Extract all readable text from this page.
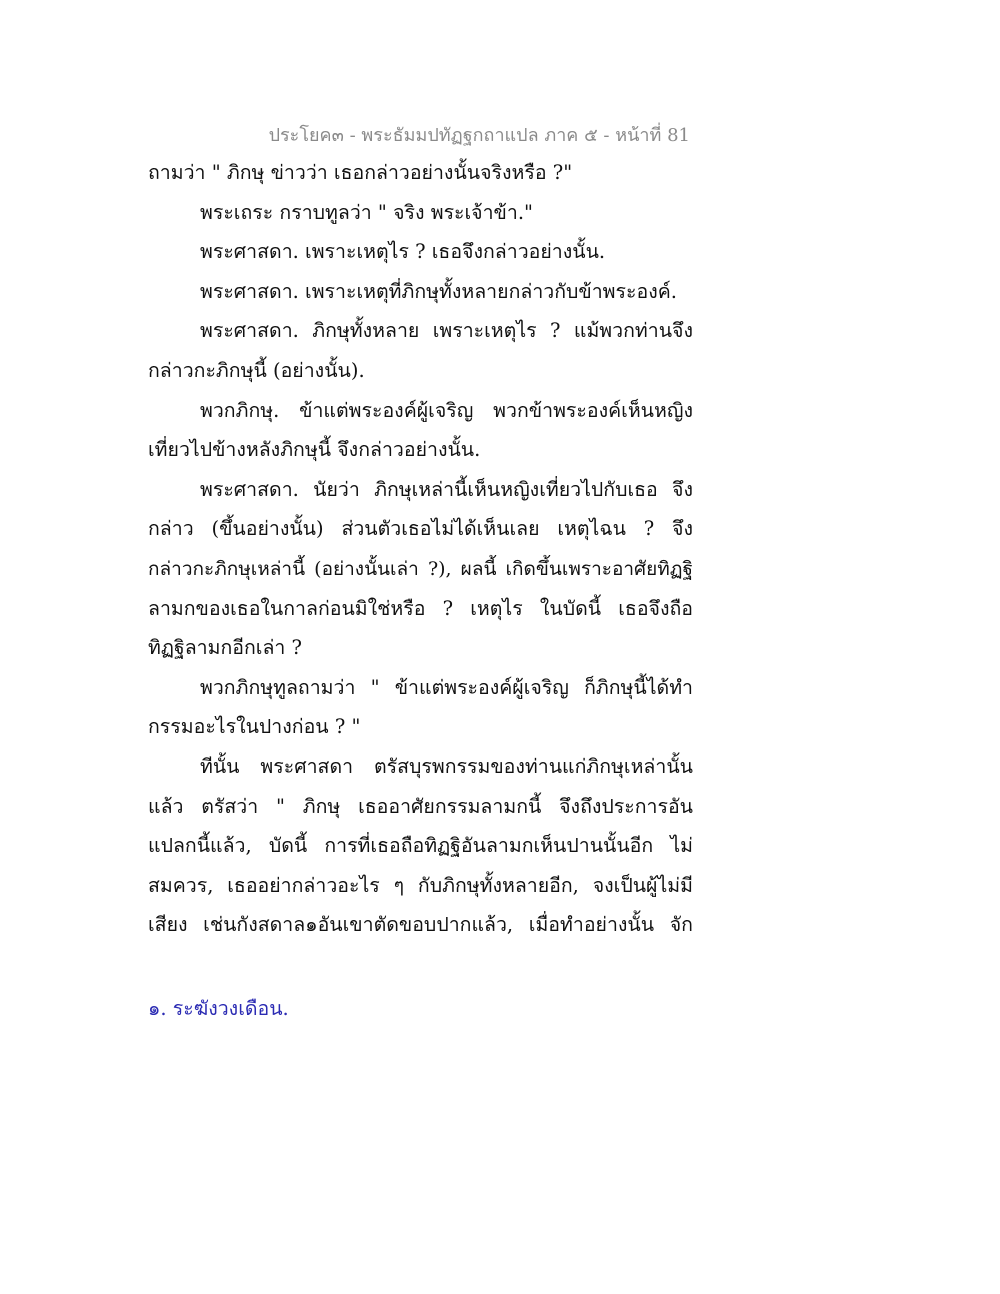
ประโยค๓ - พระธัมมปทัฏฐกถาแปล ภาค ๕ - หน้าที่ 81
ถามว่า " ภิกษุ ข่าวว่า เธอกล่าวอย่างนั้นจริงหรือ ?"
พระเถระ กราบทูลว่า " จริง พระเจ้าข้า."
พระศาสดา. เพราะเหตุไร ? เธอจึงกล่าวอย่างนั้น.
พระศาสดา. เพราะเหตุที่ภิกษุทั้งหลายกล่าวกับข้าพระองค์.
พระศาสดา. ภิกษุทั้งหลาย เพราะเหตุไร ? แม้พวกท่านจึง
กล่าวกะภิกษุนี้ (อย่างนั้น).
พวกภิกษุ. ข้าแต่พระองค์ผู้เจริญ พวกข้าพระองค์เห็นหญิง
เที่ยวไปข้างหลังภิกษุนี้ จึงกล่าวอย่างนั้น.
พระศาสดา. นัยว่า ภิกษุเหล่านี้เห็นหญิงเที่ยวไปกับเธอ จึง
กล่าว (ขึ้นอย่างนั้น) ส่วนตัวเธอไม่ได้เห็นเลย เหตุไฉน ? จึง
กล่าวกะภิกษุเหล่านี้ (อย่างนั้นเล่า ?), ผลนี้ เกิดขึ้นเพราะอาศัยทิฏฐิ
ลามกของเธอในกาลก่อนมิใช่หรือ ? เหตุไร ในบัดนี้ เธอจึงถือ
ทิฏฐิลามกอีกเล่า ?
พวกภิกษุทูลถามว่า " ข้าแต่พระองค์ผู้เจริญ ก็ภิกษุนี้ได้ทำ
กรรมอะไรในปางก่อน ? "
ทีนั้น พระศาสดา ตรัสบุรพกรรมของท่านแก่ภิกษุเหล่านั้น
แล้ว ตรัสว่า " ภิกษุ เธออาศัยกรรมลามกนี้ จึงถึงประการอัน
แปลกนี้แล้ว, บัดนี้ การที่เธอถือทิฏฐิอันลามกเห็นปานนั้นอีก ไม่
สมควร, เธออย่ากล่าวอะไร ๆ กับภิกษุทั้งหลายอีก, จงเป็นผู้ไม่มี
เสียง เช่นกังสดาล๑อันเขาตัดขอบปากแล้ว, เมื่อทำอย่างนั้น จัก
๑. ระฆังวงเดือน.
